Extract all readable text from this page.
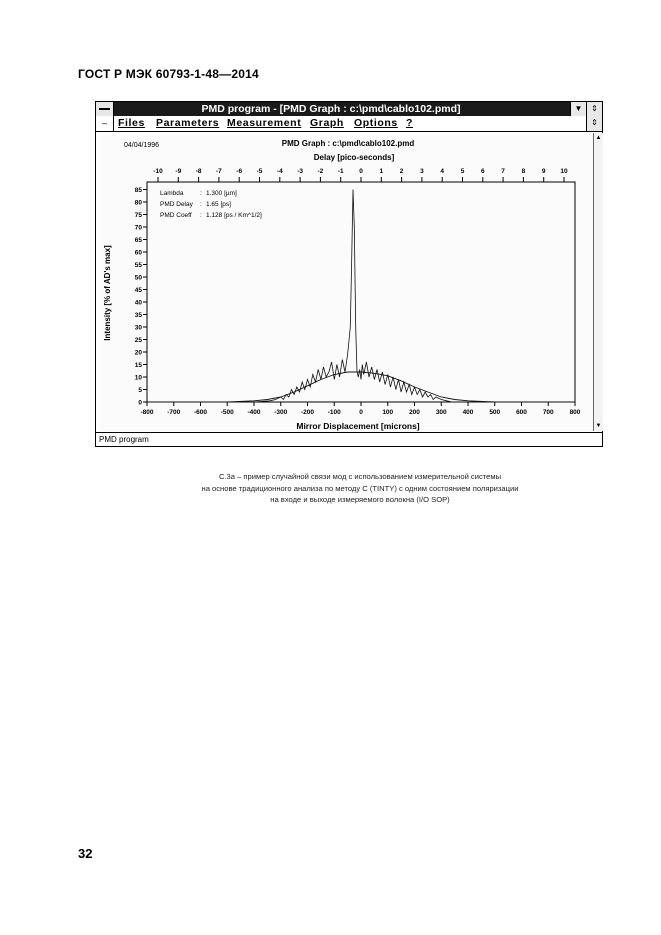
ГОСТ Р МЭК 60793-1-48—2014
PMD program - [PMD Graph : c:\pmd\cablo102.pmd]	▼	⇕
‒	Files Parameters Measurement Graph Options ?	⇕
▲
▼
04/04/1996	PMD Graph : c:\pmd\cablo102.pmd
Delay [pico-seconds]
Mirror Displacement [microns]
Intensity [% of AD's max]
-10 -9 -8 -7 -6 -5 -4 -3 -2 -1 0	1	2	3	4	5	6	7	8	9 10
0
5
10
15
20
25
30
35
40
45
50
55
60
65
70
75
80
85
-800 -700 -600 -500 -400 -300 -200 -100	0	100 200 300 400 500 600 700 800
Lambda	: 1.300 [µm]
PMD Delay : 1.65 [ps]
PMD Coeff : 1.128 [ps / Km^1/2]
PMD program
С.3а – пример случайной связи мод с использованием измерительной системы
на основе традиционного анализа по методу С (TINTY) с одним состоянием поляризации
на входе и выходе измеряемого волокна (I/O SOP)
32
